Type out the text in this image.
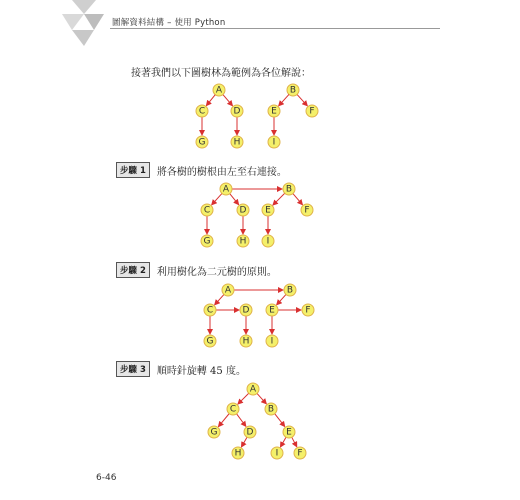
圖解資料結構 – 使用 Python
接著我們以下圖樹林為範例為各位解說：
步驟 1	將各樹的樹根由左至右連接。
步驟 2	利用樹化為二元樹的原則。
步驟 3	順時針旋轉 45 度。
A
C	D
G	H
B
E	F
I
A
C	D
G	H
B
E	F
I
A	B
C	D E	F
G	H I
A
C	B
G	D	E
H	I F
6-46
